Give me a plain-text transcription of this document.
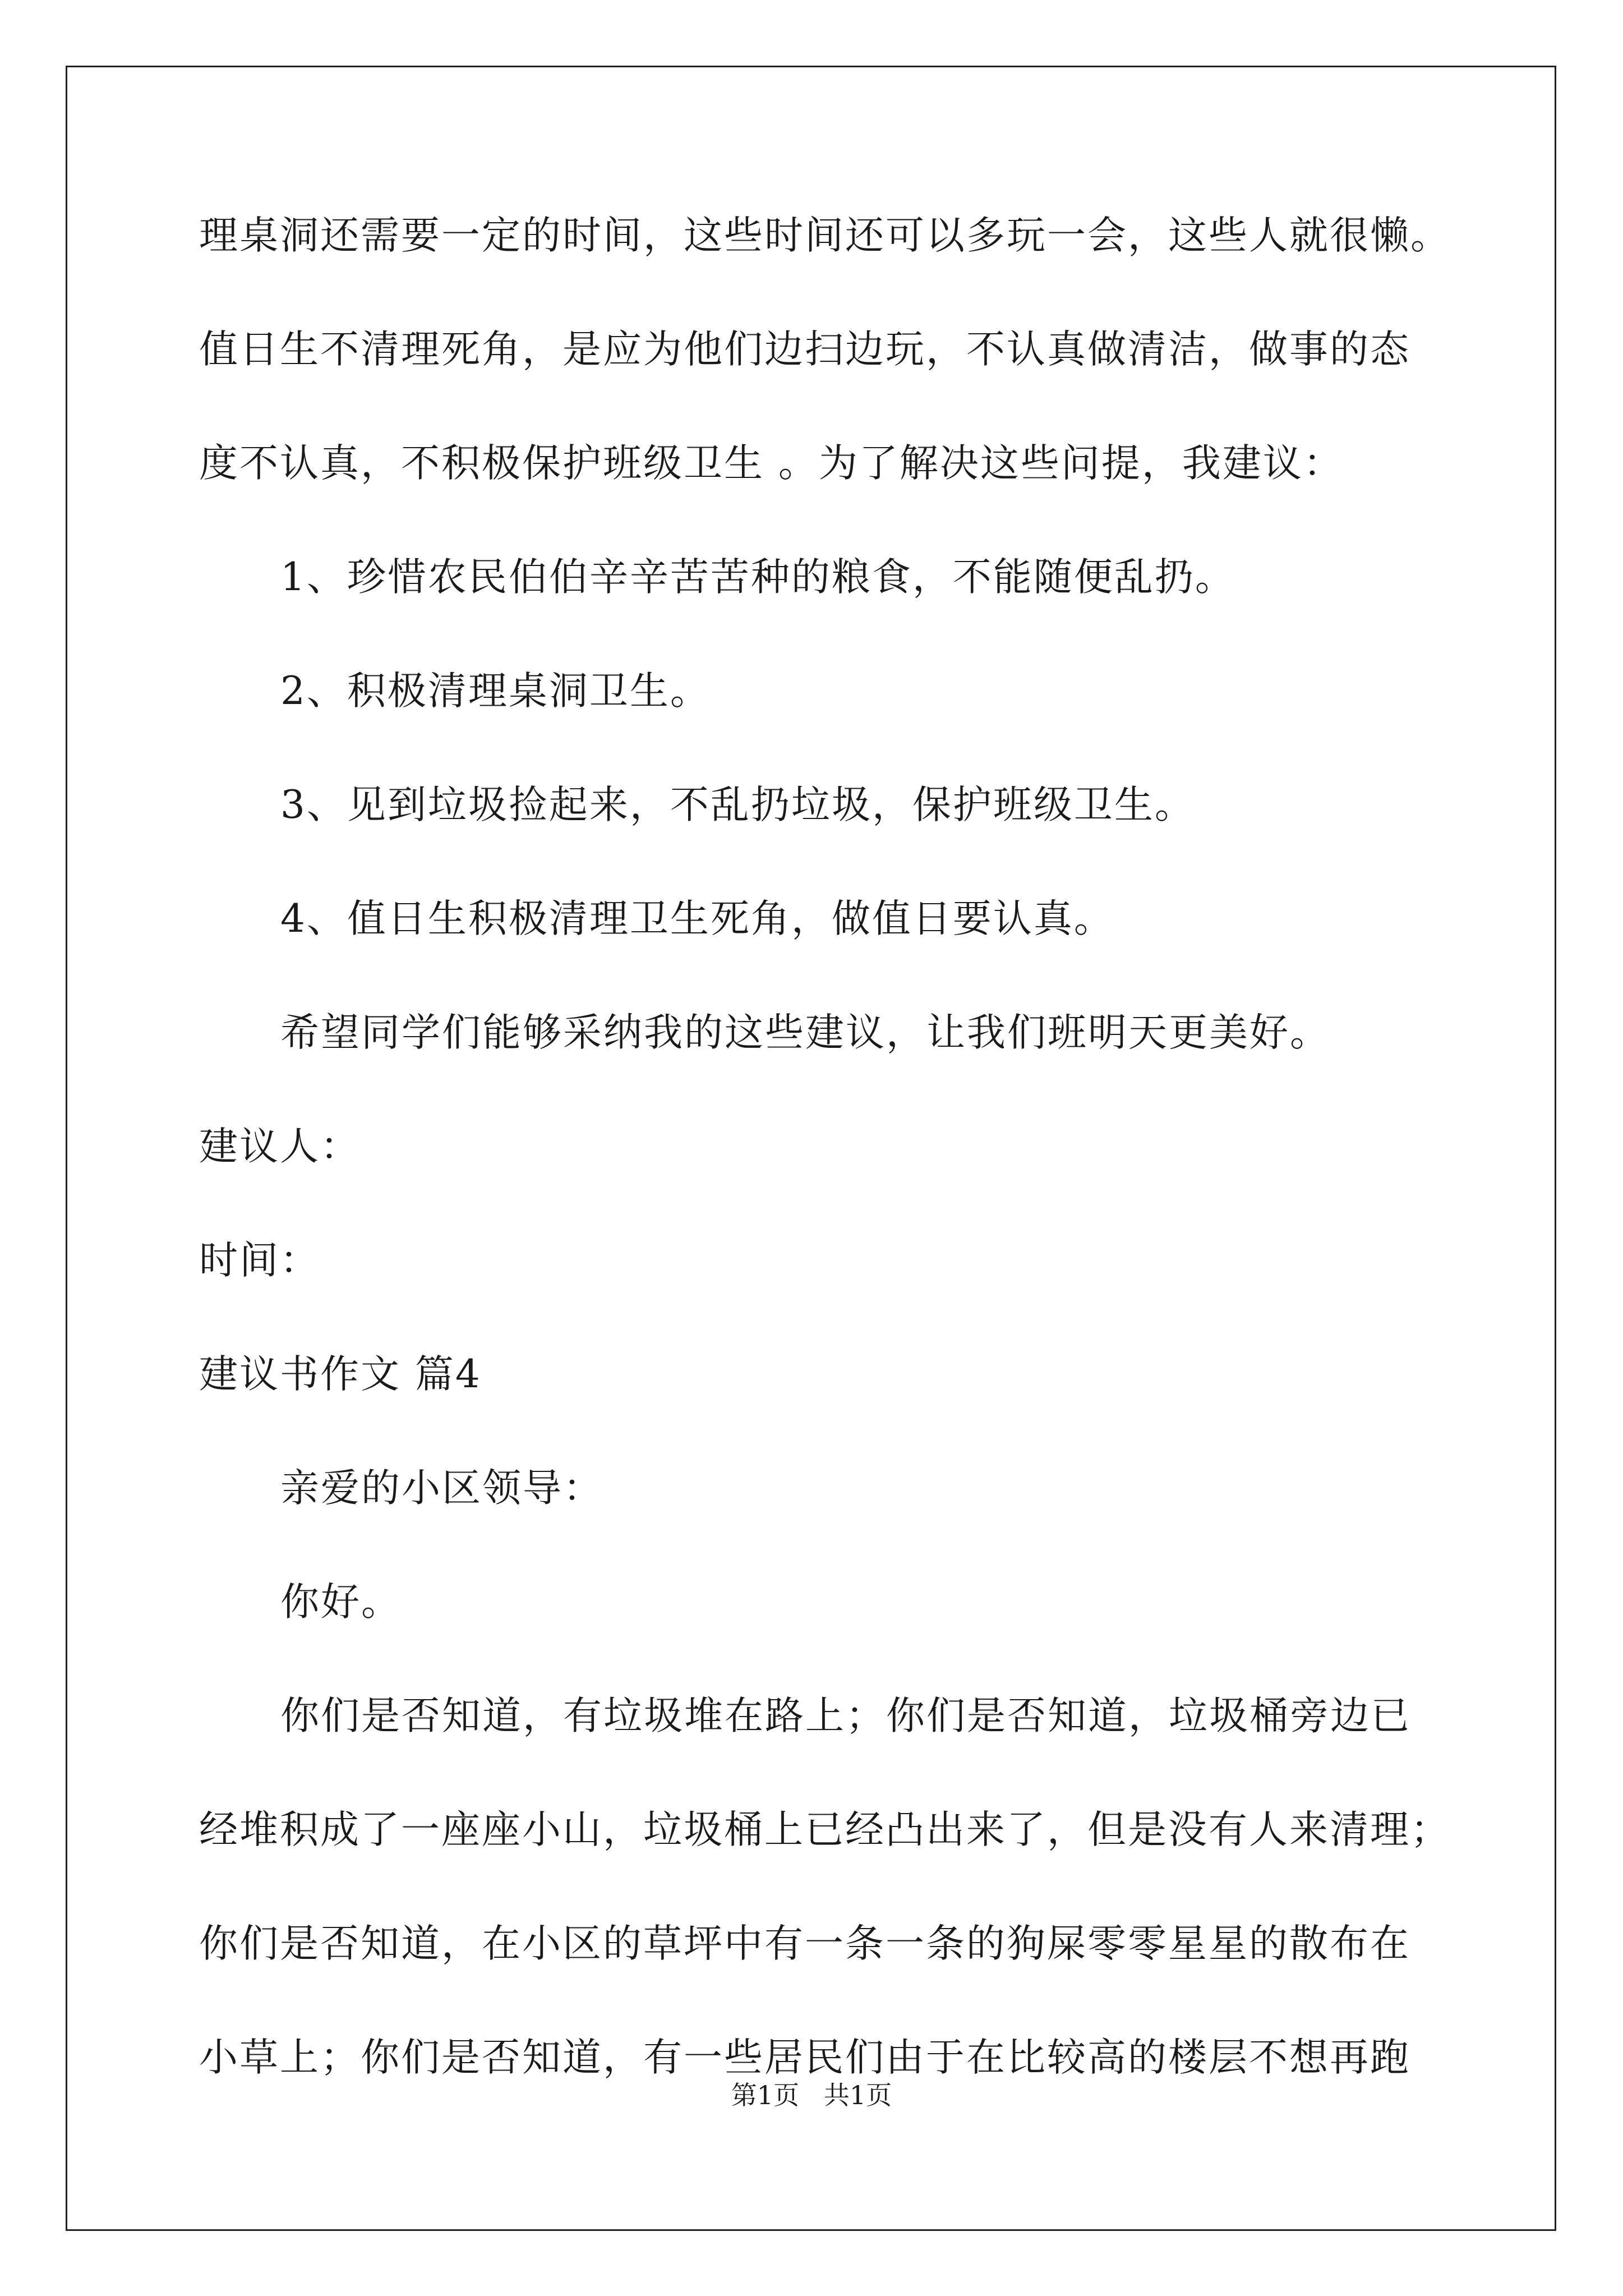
理桌洞还需要一定的时间，这些时间还可以多玩一会，这些人就很懒。
值日生不清理死角，是应为他们边扫边玩，不认真做清洁，做事的态
度不认真，不积极保护班级卫生 。为了解决这些问提，我建议：
1、珍惜农民伯伯辛辛苦苦种的粮食，不能随便乱扔。
2、积极清理桌洞卫生。
3、见到垃圾捡起来，不乱扔垃圾，保护班级卫生。
4、值日生积极清理卫生死角，做值日要认真。
希望同学们能够采纳我的这些建议，让我们班明天更美好。
建议人：
时间：
建议书作文 篇4
亲爱的小区领导：
你好。
你们是否知道，有垃圾堆在路上；你们是否知道，垃圾桶旁边已
经堆积成了一座座小山，垃圾桶上已经凸出来了，但是没有人来清理；
你们是否知道，在小区的草坪中有一条一条的狗屎零零星星的散布在
小草上；你们是否知道，有一些居民们由于在比较高的楼层不想再跑
第1页   共1页
